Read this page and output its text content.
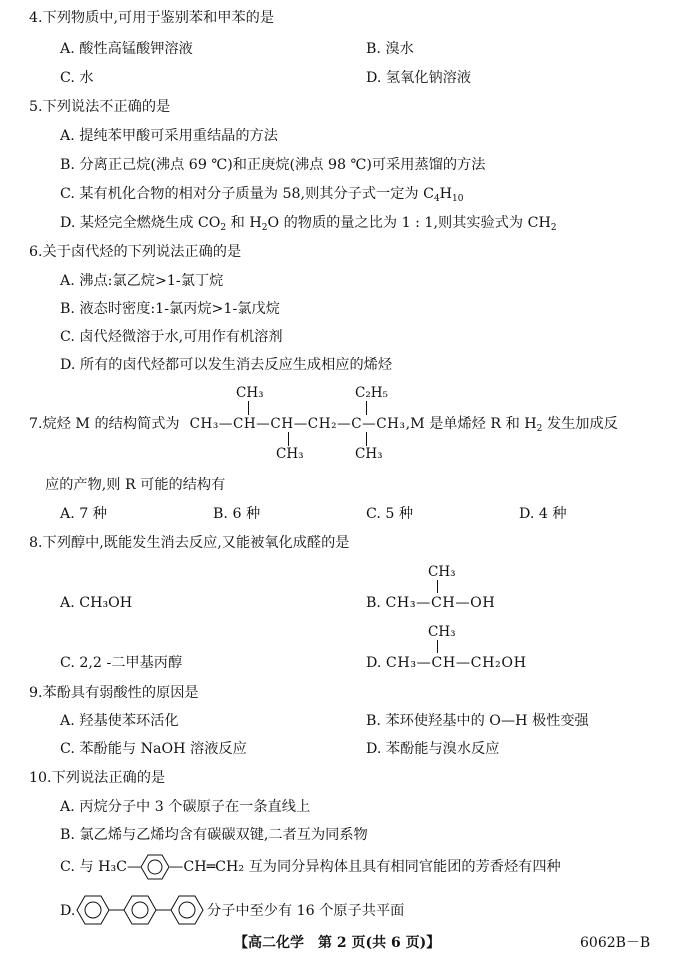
4.下列物质中,可用于鉴别苯和甲苯的是
A. 酸性高锰酸钾溶液	B. 溴水
C. 水	D. 氢氧化钠溶液
5.下列说法不正确的是
A. 提纯苯甲酸可采用重结晶的方法
B. 分离正己烷(沸点 69 ℃)和正庚烷(沸点 98 ℃)可采用蒸馏的方法
C. 某有机化合物的相对分子质量为 58,则其分子式一定为 $C_4H_{10}$
D. 某烃完全燃烧生成 $CO_2$ 和 $H_2O$ 的物质的量之比为 1 : 1,则其实验式为 $CH_2$
6.关于卤代烃的下列说法正确的是
A. 沸点:氯乙烷>1-氯丁烷
B. 液态时密度:1-氯丙烷>1-氯戊烷
C. 卤代烃微溶于水,可用作有机溶剂
D. 所有的卤代烃都可以发生消去反应生成相应的烯烃
CH₃	C₂H₅
CH₃	CH₃
7.烷烃 M 的结构简式为 CH₃—CH—CH—CH₂—C—CH₃,M 是单烯烃 R 和 $H_2$ 发生加成反
应的产物,则 R 可能的结构有
A. 7 种	B. 6 种	C. 5 种	D. 4 种
8.下列醇中,既能发生消去反应,又能被氧化成醛的是
A. CH₃OH
CH₃
B. CH₃—CH—OH
C. 2,2 -二甲基丙醇
CH₃
D. CH₃—CH—CH₂OH
9.苯酚具有弱酸性的原因是
A. 羟基使苯环活化	B. 苯环使羟基中的 O—H 极性变强
C. 苯酚能与 NaOH 溶液反应	D. 苯酚能与溴水反应
10.下列说法正确的是
A. 丙烷分子中 3 个碳原子在一条直线上
B. 氯乙烯与乙烯均含有碳碳双键,二者互为同系物
C. 与 H₃C— —CH═CH₂ 互为同分异构体且具有相同官能团的芳香烃有四种
D.	分子中至少有 16 个原子共平面
【高二化学　第 2 页(共 6 页)】	6062B－B
